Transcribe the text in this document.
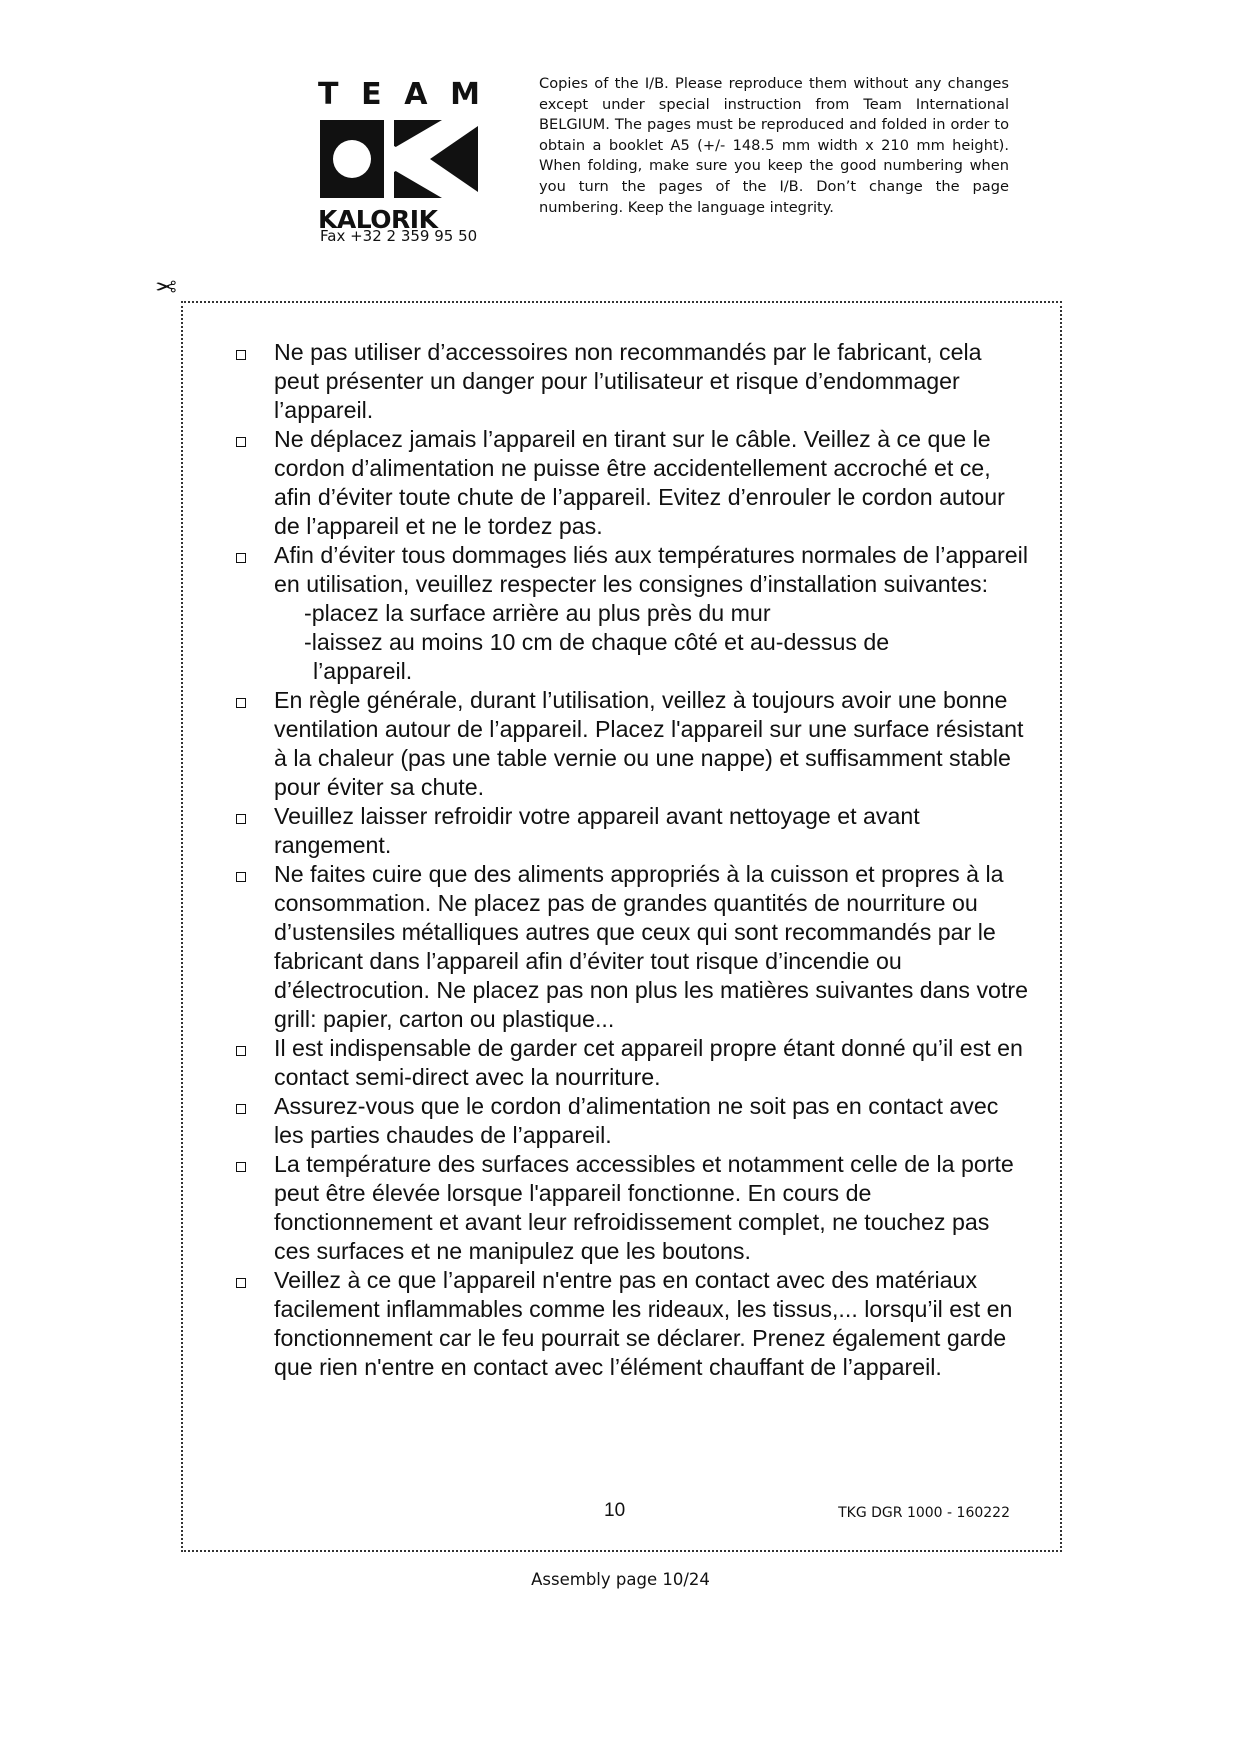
T E A M
KALORIK
Fax +32 2 359 95 50

Copies of the I/B. Please reproduce them without any changes except under special instruction from Team International BELGIUM. The pages must be reproduced and folded in order to obtain a booklet A5 (+/- 148.5 mm width x 210 mm height). When folding, make sure you keep the good numbering when you turn the pages of the I/B. Don’t change the page numbering. Keep the language integrity.

✂
Ne pas utiliser d’accessoires non recommandés par le fabricant, cela peut présenter un danger pour l’utilisateur et risque d’endommager l’appareil.
Ne déplacez jamais l’appareil en tirant sur le câble. Veillez à ce que le cordon d’alimentation ne puisse être accidentellement accroché et ce, afin d’éviter toute chute de l’appareil. Evitez d’enrouler le cordon autour de l’appareil et ne le tordez pas.
Afin d’éviter tous dommages liés aux températures normales de l’appareil en utilisation, veuillez respecter les consignes d’installation suivantes:
-placez la surface arrière au plus près du mur
-laissez au moins 10 cm de chaque côté et au-dessus de
l’appareil.
En règle générale, durant l’utilisation, veillez à toujours avoir une bonne ventilation autour de l’appareil. Placez l'appareil sur une surface résistant à la chaleur (pas une table vernie ou une nappe) et suffisamment stable pour éviter sa chute.
Veuillez laisser refroidir votre appareil avant nettoyage et avant rangement.
Ne faites cuire que des aliments appropriés à la cuisson et propres à la consommation. Ne placez pas de grandes quantités de nourriture ou d’ustensiles métalliques autres que ceux qui sont recommandés par le fabricant dans l’appareil afin d’éviter tout risque d’incendie ou d’électrocution. Ne placez pas non plus les matières suivantes dans votre grill: papier, carton ou plastique...
Il est indispensable de garder cet appareil propre étant donné qu’il est en contact semi-direct avec la nourriture.
Assurez-vous que le cordon d’alimentation ne soit pas en contact avec les parties chaudes de l’appareil.
La température des surfaces accessibles et notamment celle de la porte peut être élevée lorsque l'appareil fonctionne. En cours de fonctionnement et avant leur refroidissement complet, ne touchez pas ces surfaces et ne manipulez que les boutons.
Veillez à ce que l’appareil n'entre pas en contact avec des matériaux facilement inflammables comme les rideaux, les tissus,... lorsqu’il est en fonctionnement car le feu pourrait se déclarer. Prenez également garde que rien n'entre en contact avec l’élément chauffant de l’appareil.
10	TKG DGR 1000 - 160222
Assembly page 10/24
